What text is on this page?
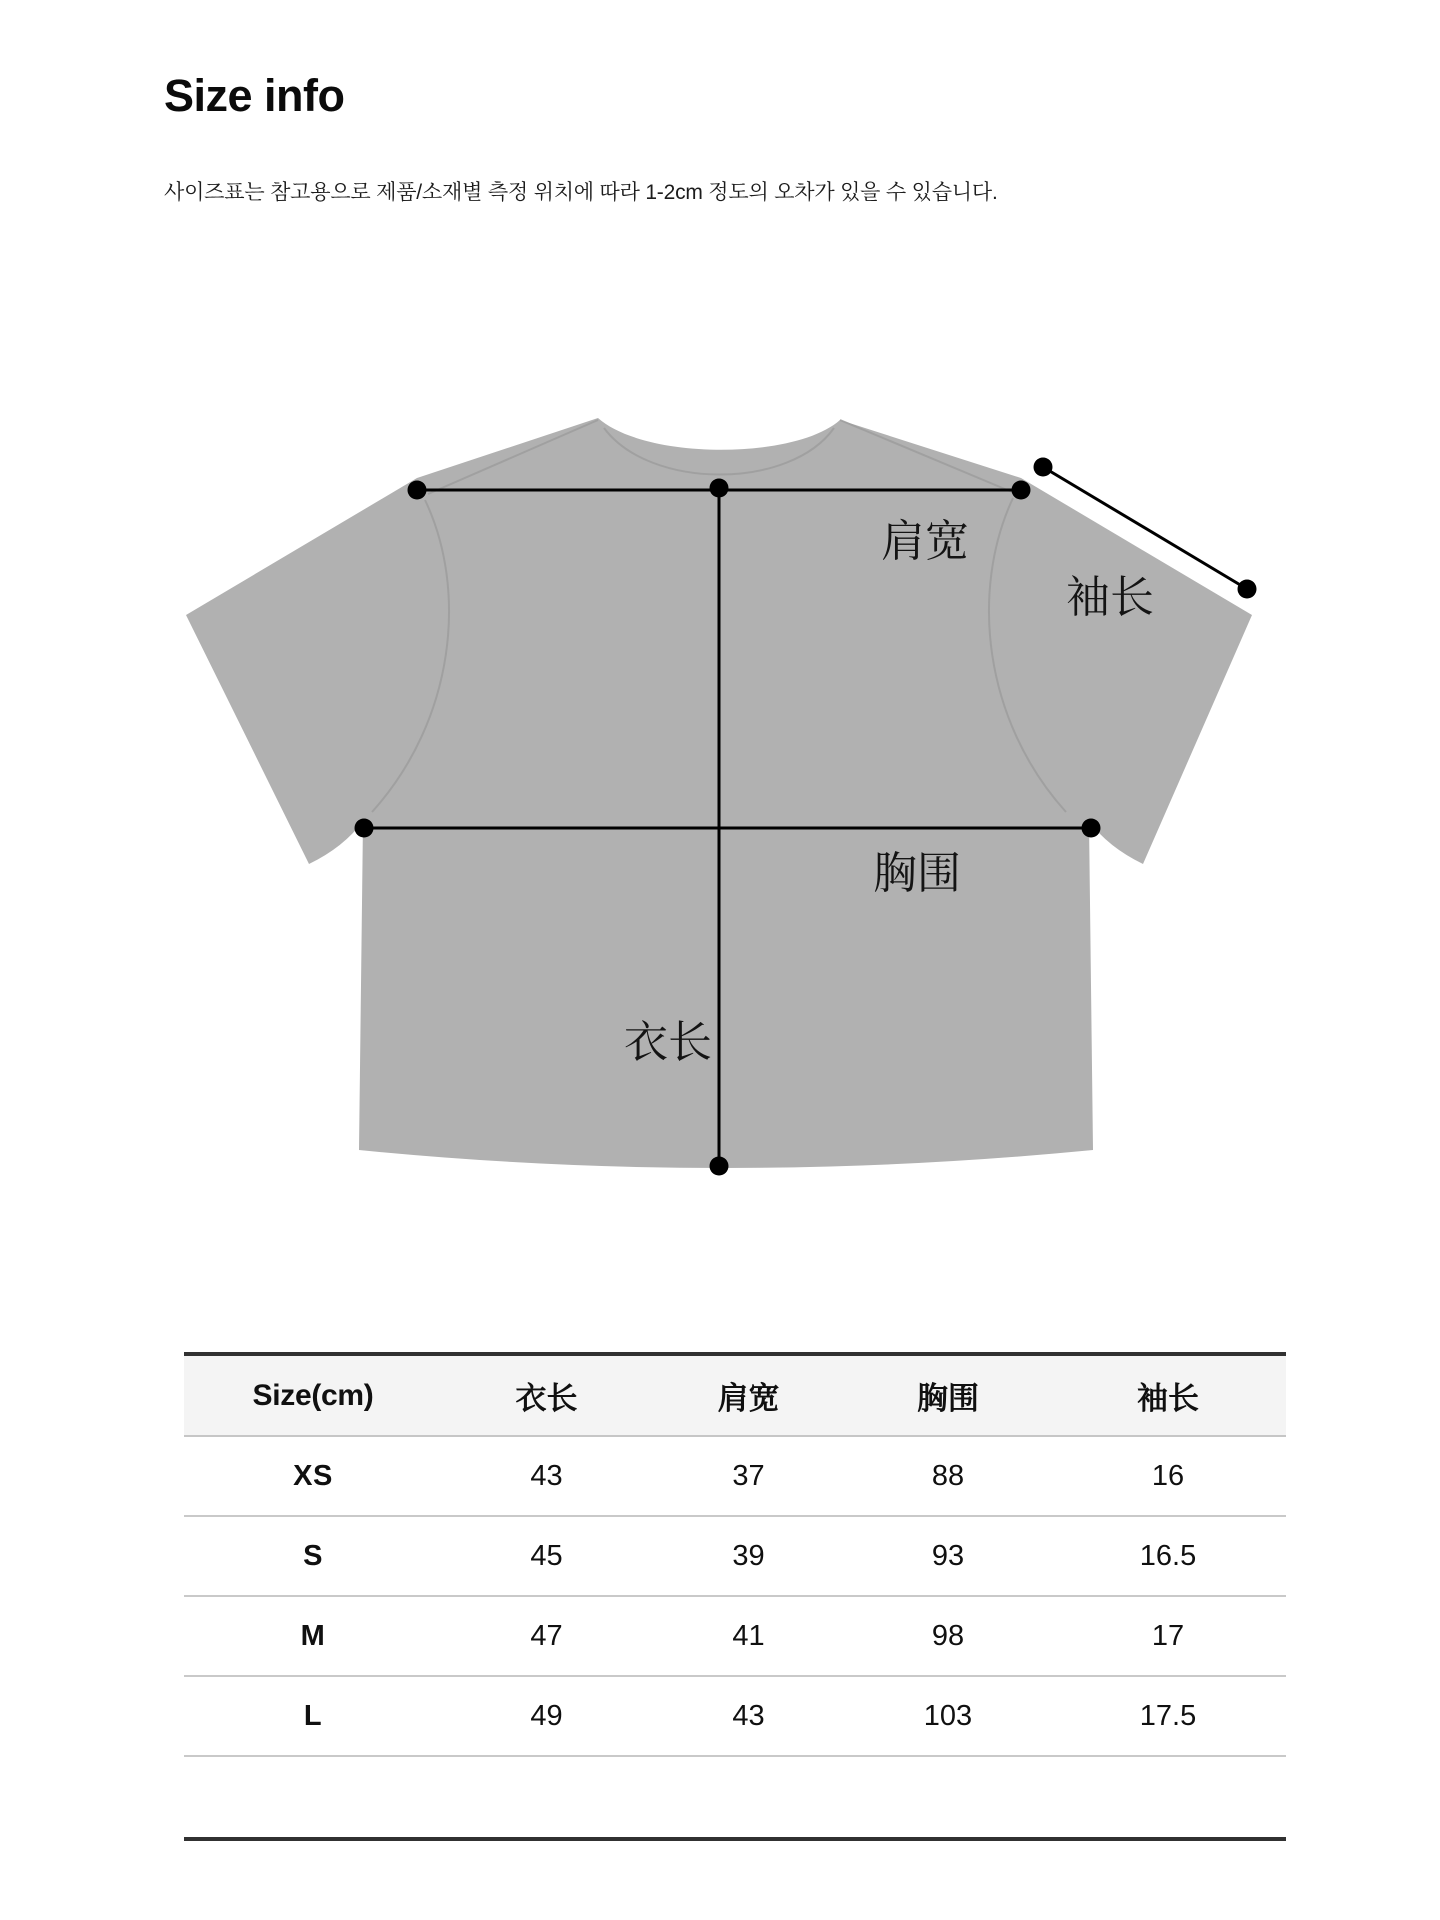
Size info

사이즈표는 참고용으로 제품/소재별 측정 위치에 따라 1-2cm 정도의 오차가 있을 수 있습니다.

肩宽
袖长
胸围
衣长
Size(cm)	衣长	肩宽	胸围	袖长
XS	43	37	88	16
S	45	39	93	16.5
M	47	41	98	17
L	49	43	103	17.5
